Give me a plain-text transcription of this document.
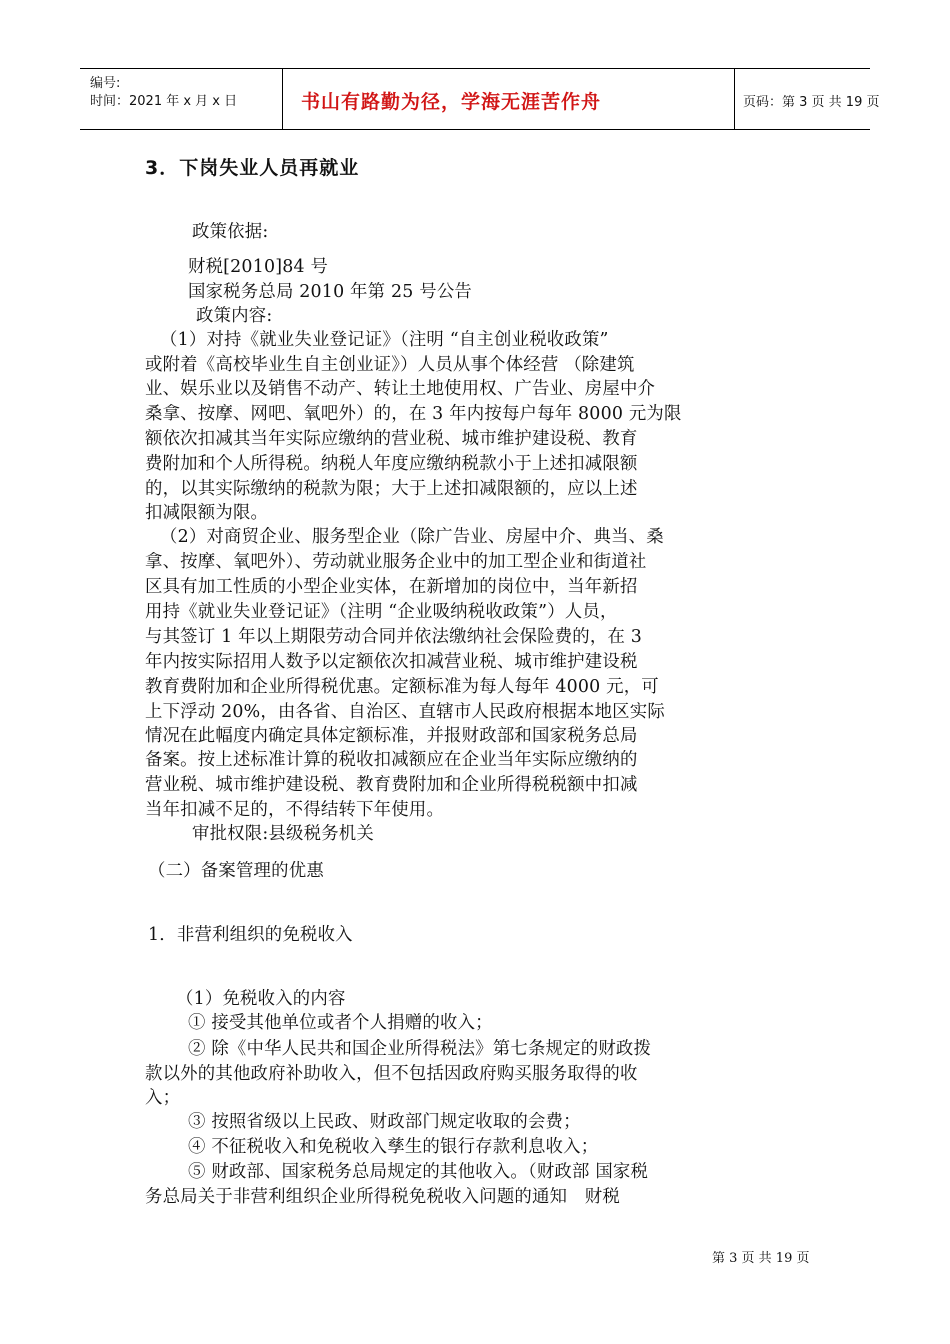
编号:
时间：2021 年 x 月 x 日	书山有路勤为径，学海无涯苦作舟	页码：第 3 页 共 19 页
3．下岗失业人员再就业
政策依据:
财税[2010]84 号
国家税务总局 2010 年第 25 号公告
政策内容:
（1）对持《就业失业登记证》（注明 “自主创业税收政策”
或附着《高校毕业生自主创业证》）人员从事个体经营 （除建筑
业、娱乐业以及销售不动产、转让土地使用权、广告业、房屋中介
桑拿、按摩、网吧、氧吧外）的，在 3 年内按每户每年 8000 元为限
额依次扣减其当年实际应缴纳的营业税、城市维护建设税、教育
费附加和个人所得税。纳税人年度应缴纳税款小于上述扣减限额
的，以其实际缴纳的税款为限；大于上述扣减限额的，应以上述
扣减限额为限。
（2）对商贸企业、服务型企业（除广告业、房屋中介、典当、桑
拿、按摩、氧吧外）、劳动就业服务企业中的加工型企业和街道社
区具有加工性质的小型企业实体，在新增加的岗位中，当年新招
用持《就业失业登记证》（注明 “企业吸纳税收政策”）人员，
与其签订 1 年以上期限劳动合同并依法缴纳社会保险费的，在 3
年内按实际招用人数予以定额依次扣减营业税、城市维护建设税
教育费附加和企业所得税优惠。定额标准为每人每年 4000 元，可
上下浮动 20%，由各省、自治区、直辖市人民政府根据本地区实际
情况在此幅度内确定具体定额标准，并报财政部和国家税务总局
备案。按上述标准计算的税收扣减额应在企业当年实际应缴纳的
营业税、城市维护建设税、教育费附加和企业所得税税额中扣减
当年扣减不足的，不得结转下年使用。
审批权限:县级税务机关
（二）备案管理的优惠
1．非营利组织的免税收入
（1）免税收入的内容
① 接受其他单位或者个人捐赠的收入；
② 除《中华人民共和国企业所得税法》第七条规定的财政拨
款以外的其他政府补助收入，但不包括因政府购买服务取得的收
入；
③ 按照省级以上民政、财政部门规定收取的会费；
④ 不征税收入和免税收入孳生的银行存款利息收入；
⑤ 财政部、国家税务总局规定的其他收入。（财政部 国家税
务总局关于非营利组织企业所得税免税收入问题的通知　财税
第 3 页 共 19 页
